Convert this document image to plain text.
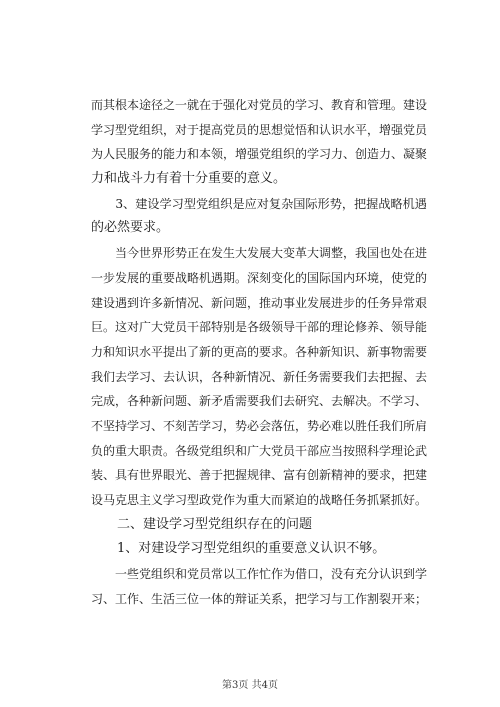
而其根本途径之一就在于强化对党员的学习、教育和管理。建设
学习型党组织，对于提高党员的思想觉悟和认识水平，增强党员
为人民服务的能力和本领，增强党组织的学习力、创造力、凝聚
力和战斗力有着十分重要的意义。
　　3、建设学习型党组织是应对复杂国际形势，把握战略机遇
的必然要求。
　　当今世界形势正在发生大发展大变革大调整，我国也处在进
一步发展的重要战略机遇期。深刻变化的国际国内环境，使党的
建设遇到许多新情况、新问题，推动事业发展进步的任务异常艰
巨。这对广大党员干部特别是各级领导干部的理论修养、领导能
力和知识水平提出了新的更高的要求。各种新知识、新事物需要
我们去学习、去认识，各种新情况、新任务需要我们去把握、去
完成，各种新问题、新矛盾需要我们去研究、去解决。不学习、
不坚持学习、不刻苦学习，势必会落伍，势必难以胜任我们所肩
负的重大职责。各级党组织和广大党员干部应当按照科学理论武
装、具有世界眼光、善于把握规律、富有创新精神的要求，把建
设马克思主义学习型政党作为重大而紧迫的战略任务抓紧抓好。
　　二、建设学习型党组织存在的问题
　　1、对建设学习型党组织的重要意义认识不够。
　　一些党组织和党员常以工作忙作为借口，没有充分认识到学
习、工作、生活三位一体的辩证关系，把学习与工作割裂开来；
第3页 共4页
